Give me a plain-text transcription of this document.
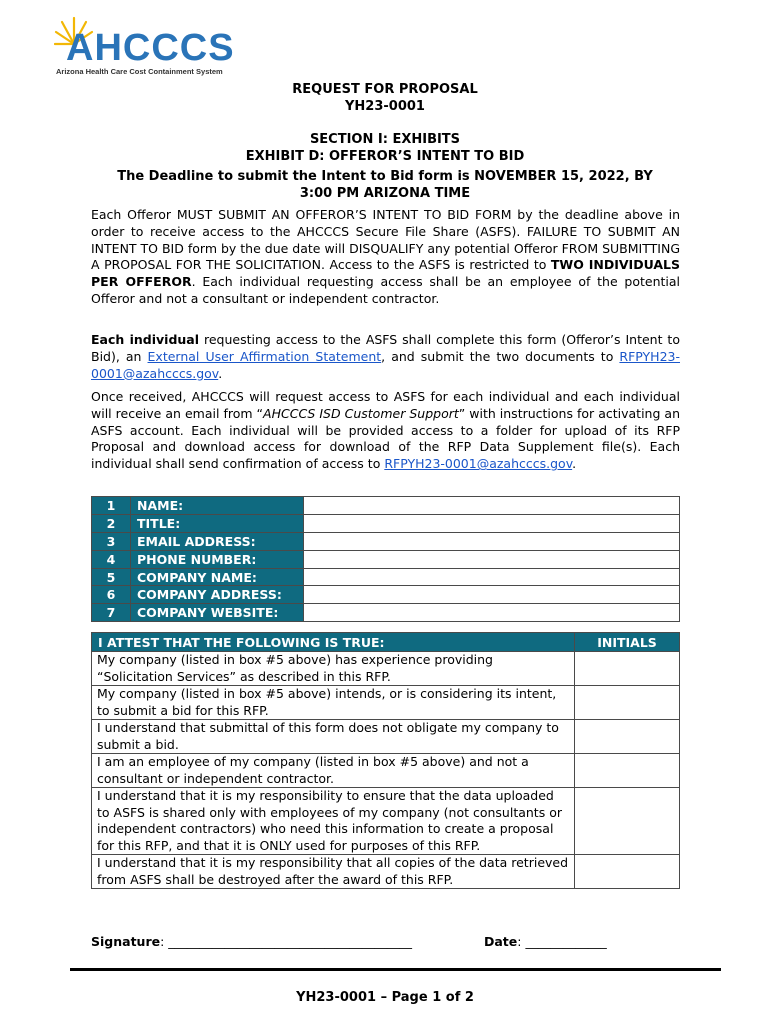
AHCCCS
Arizona Health Care Cost Containment System
REQUEST FOR PROPOSAL
YH23-0001
SECTION I: EXHIBITS
EXHIBIT D: OFFEROR’S INTENT TO BID
The Deadline to submit the Intent to Bid form is NOVEMBER 15, 2022, BY
3:00 PM ARIZONA TIME
Each Offeror MUST SUBMIT AN OFFEROR’S INTENT TO BID FORM by the deadline above in order to receive access to the AHCCCS Secure File Share (ASFS). FAILURE TO SUBMIT AN INTENT TO BID form by the due date will DISQUALIFY any potential Offeror FROM SUBMITTING A PROPOSAL FOR THE SOLICITATION. Access to the ASFS is restricted to TWO INDIVIDUALS PER OFFEROR. Each individual requesting access shall be an employee of the potential Offeror and not a consultant or independent contractor.
Each individual requesting access to the ASFS shall complete this form (Offeror’s Intent to Bid), an External User Affirmation Statement, and submit the two documents to RFPYH23-0001@azahcccs.gov.
Once received, AHCCCS will request access to ASFS for each individual and each individual will receive an email from “AHCCCS ISD Customer Support” with instructions for activating an ASFS account. Each individual will be provided access to a folder for upload of its RFP Proposal and download access for download of the RFP Data Supplement file(s). Each individual shall send confirmation of access to RFPYH23-0001@azahcccs.gov.
1	NAME:	
2	TITLE:	
3	EMAIL ADDRESS:	
4	PHONE NUMBER:	
5	COMPANY NAME:	
6	COMPANY ADDRESS:	
7	COMPANY WEBSITE:	
I ATTEST THAT THE FOLLOWING IS TRUE:	INITIALS
My company (listed in box #5 above) has experience providing “Solicitation Services” as described in this RFP.	
My company (listed in box #5 above) intends, or is considering its intent, to submit a bid for this RFP.	
I understand that submittal of this form does not obligate my company to submit a bid.	
I am an employee of my company (listed in box #5 above) and not a consultant or independent contractor.	
I understand that it is my responsibility to ensure that the data uploaded to ASFS is shared only with employees of my company (not consultants or independent contractors) who need this information to create a proposal for this RFP, and that it is ONLY used for purposes of this RFP.	
I understand that it is my responsibility that all copies of the data retrieved from ASFS shall be destroyed after the award of this RFP.	
Signature: _______________________________________	Date: _____________
YH23-0001 – Page 1 of 2
